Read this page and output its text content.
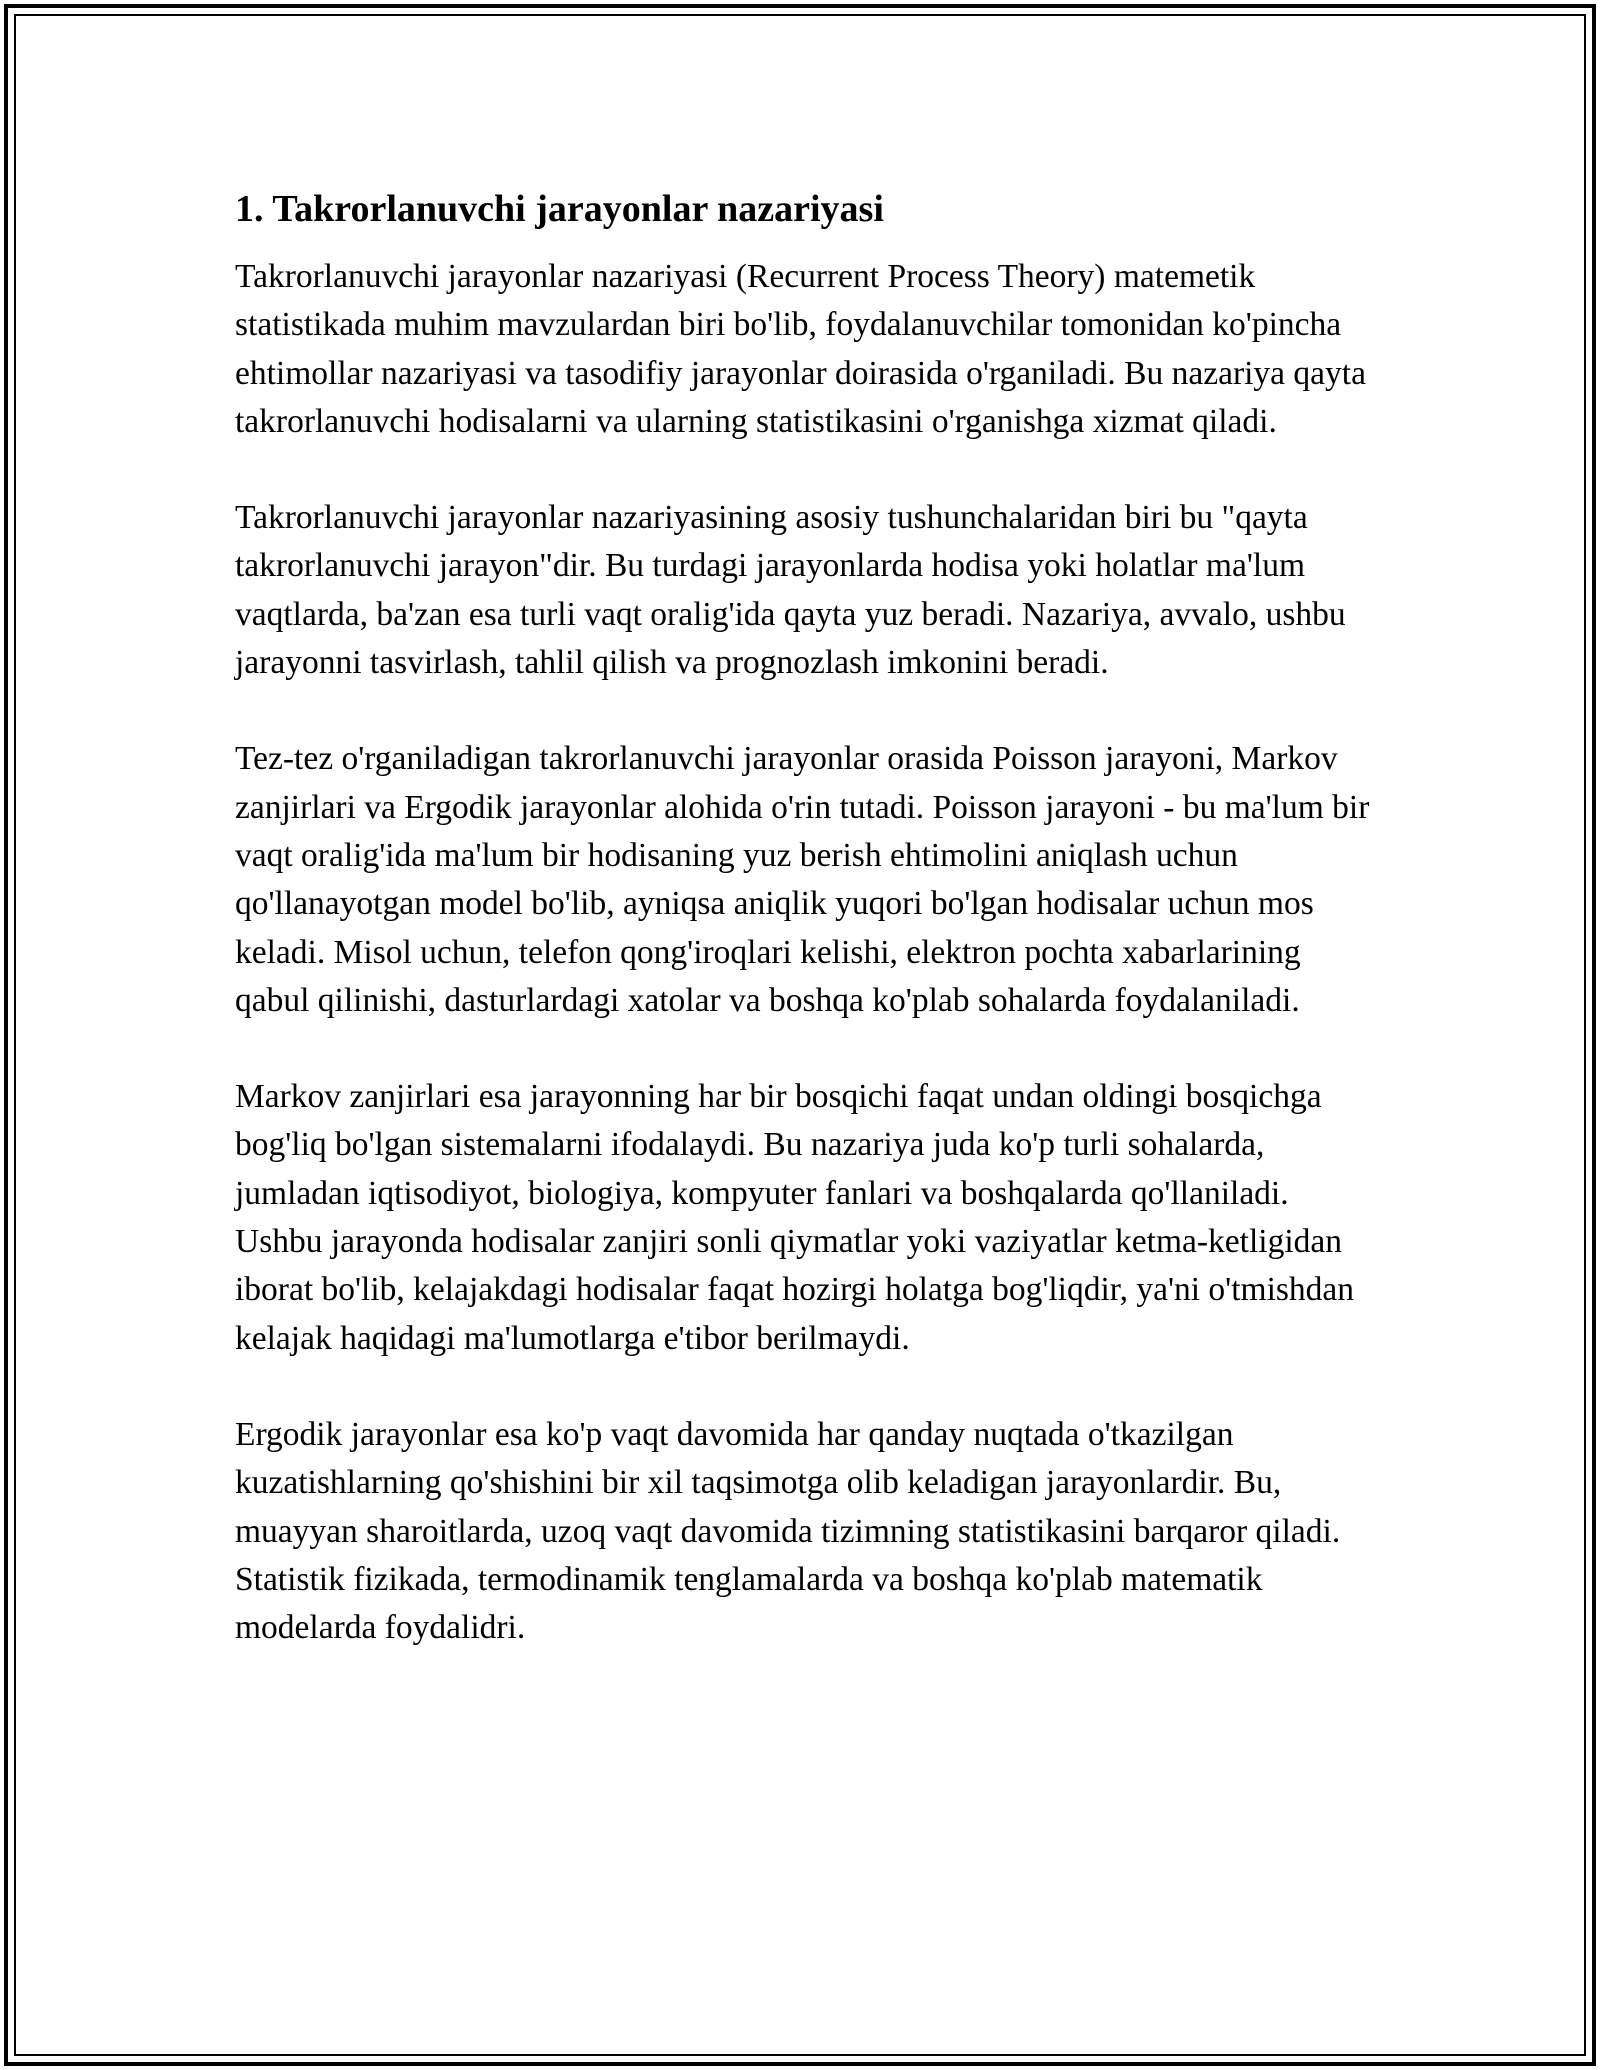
1. Takrorlanuvchi jarayonlar nazariyasi

Takrorlanuvchi jarayonlar nazariyasi (Recurrent Process Theory) matemetik statistikada muhim mavzulardan biri bo'lib, foydalanuvchilar tomonidan ko'pincha ehtimollar nazariyasi va tasodifiy jarayonlar doirasida o'rganiladi. Bu nazariya qayta takrorlanuvchi hodisalarni va ularning statistikasini o'rganishga xizmat qiladi.

Takrorlanuvchi jarayonlar nazariyasining asosiy tushunchalaridan biri bu "qayta takrorlanuvchi jarayon"dir. Bu turdagi jarayonlarda hodisa yoki holatlar ma'lum vaqtlarda, ba'zan esa turli vaqt oralig'ida qayta yuz beradi. Nazariya, avvalo, ushbu jarayonni tasvirlash, tahlil qilish va prognozlash imkonini beradi.

Tez-tez o'rganiladigan takrorlanuvchi jarayonlar orasida Poisson jarayoni, Markov zanjirlari va Ergodik jarayonlar alohida o'rin tutadi. Poisson jarayoni - bu ma'lum bir vaqt oralig'ida ma'lum bir hodisaning yuz berish ehtimolini aniqlash uchun qo'llanayotgan model bo'lib, ayniqsa aniqlik yuqori bo'lgan hodisalar uchun mos keladi. Misol uchun, telefon qong'iroqlari kelishi, elektron pochta xabarlarining qabul qilinishi, dasturlardagi xatolar va boshqa ko'plab sohalarda foydalaniladi.

Markov zanjirlari esa jarayonning har bir bosqichi faqat undan oldingi bosqichga bog'liq bo'lgan sistemalarni ifodalaydi. Bu nazariya juda ko'p turli sohalarda, jumladan iqtisodiyot, biologiya, kompyuter fanlari va boshqalarda qo'llaniladi. Ushbu jarayonda hodisalar zanjiri sonli qiymatlar yoki vaziyatlar ketma-ketligidan iborat bo'lib, kelajakdagi hodisalar faqat hozirgi holatga bog'liqdir, ya'ni o'tmishdan kelajak haqidagi ma'lumotlarga e'tibor berilmaydi.

Ergodik jarayonlar esa ko'p vaqt davomida har qanday nuqtada o'tkazilgan kuzatishlarning qo'shishini bir xil taqsimotga olib keladigan jarayonlardir. Bu, muayyan sharoitlarda, uzoq vaqt davomida tizimning statistikasini barqaror qiladi. Statistik fizikada, termodinamik tenglamalarda va boshqa ko'plab matematik modelarda foydalidri.
